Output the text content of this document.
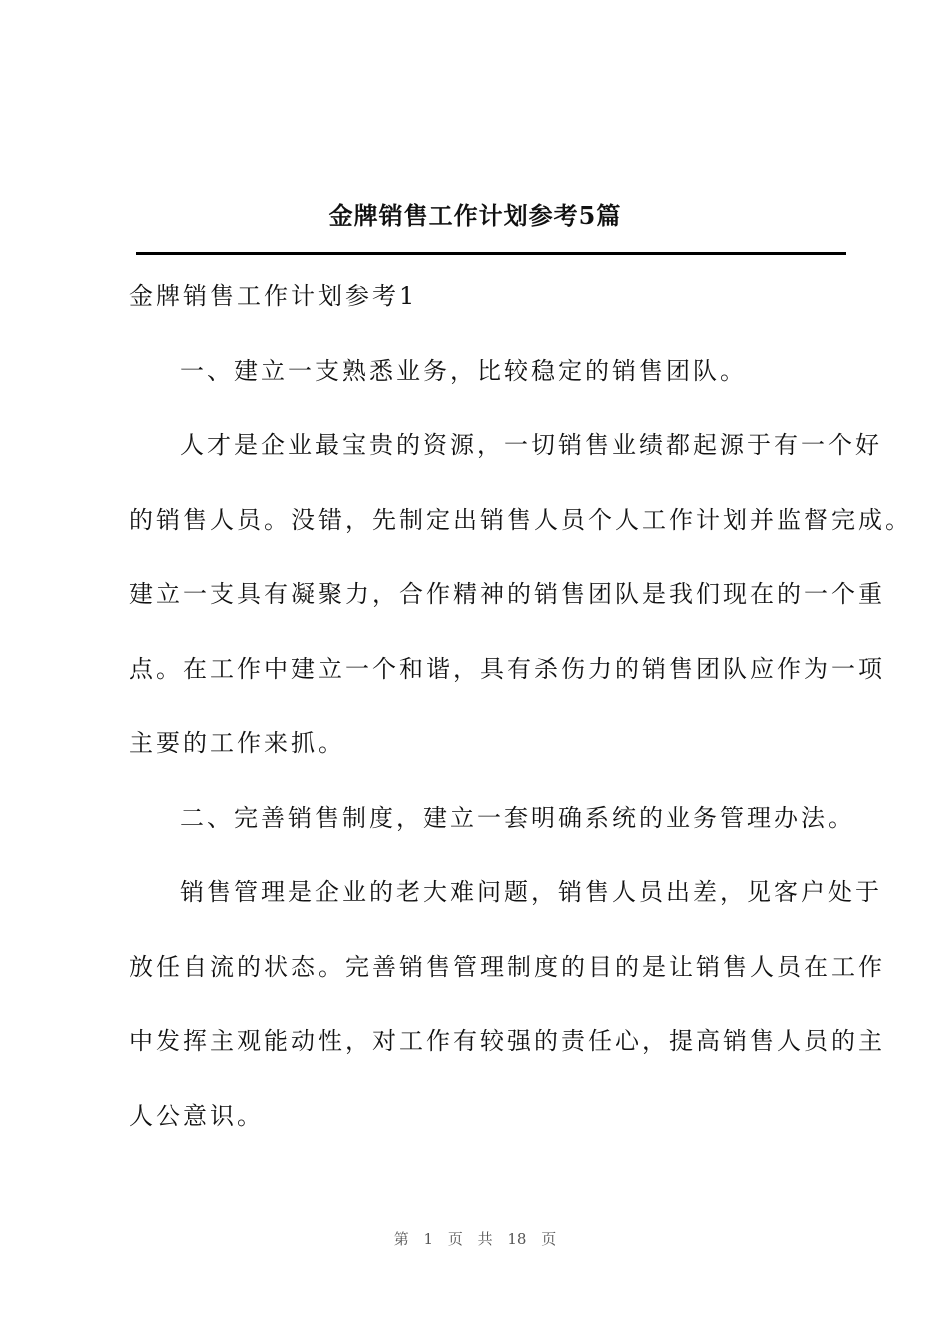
金牌销售工作计划参考5篇
金牌销售工作计划参考1
一、建立一支熟悉业务，比较稳定的销售团队。
人才是企业最宝贵的资源，一切销售业绩都起源于有一个好
的销售人员。没错，先制定出销售人员个人工作计划并监督完成。
建立一支具有凝聚力，合作精神的销售团队是我们现在的一个重
点。在工作中建立一个和谐，具有杀伤力的销售团队应作为一项
主要的工作来抓。
二、完善销售制度，建立一套明确系统的业务管理办法。
销售管理是企业的老大难问题，销售人员出差，见客户处于
放任自流的状态。完善销售管理制度的目的是让销售人员在工作
中发挥主观能动性，对工作有较强的责任心，提高销售人员的主
人公意识。
第 1 页 共 18 页
